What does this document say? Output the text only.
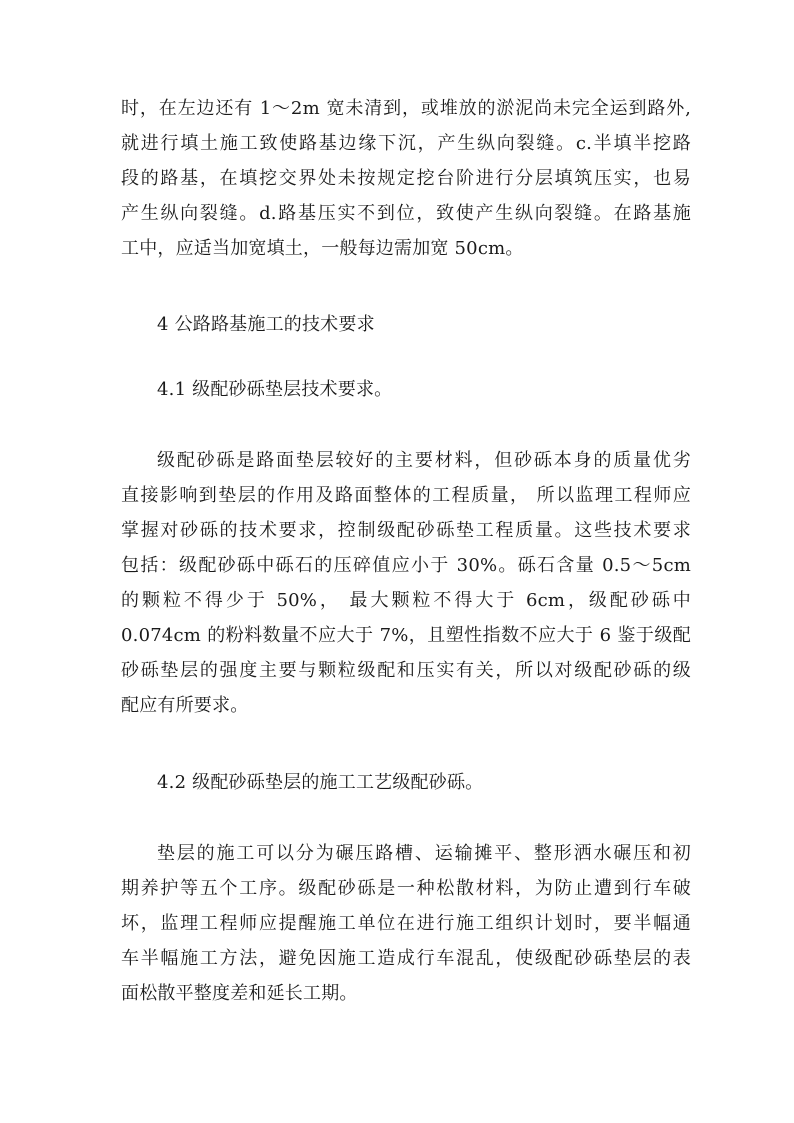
时，在左边还有 1～2m 宽未清到，或堆放的淤泥尚未完全运到路外,
就进行填土施工致使路基边缘下沉，产生纵向裂缝。c.半填半挖路
段的路基，在填挖交界处未按规定挖台阶进行分层填筑压实，也易
产生纵向裂缝。d.路基压实不到位，致使产生纵向裂缝。在路基施
工中，应适当加宽填土，一般每边需加宽 50cm。
4 公路路基施工的技术要求
4.1 级配砂砾垫层技术要求。
级配砂砾是路面垫层较好的主要材料，但砂砾本身的质量优劣
直接影响到垫层的作用及路面整体的工程质量， 所以监理工程师应
掌握对砂砾的技术要求，控制级配砂砾垫工程质量。这些技术要求
包括：级配砂砾中砾石的压碎值应小于 30%。砾石含量 0.5～5cm
的颗粒不得少于 50%， 最大颗粒不得大于 6cm，级配砂砾中
0.074cm 的粉料数量不应大于 7%，且塑性指数不应大于 6 鉴于级配
砂砾垫层的强度主要与颗粒级配和压实有关，所以对级配砂砾的级
配应有所要求。
4.2 级配砂砾垫层的施工工艺级配砂砾。
垫层的施工可以分为碾压路槽、运输摊平、整形洒水碾压和初
期养护等五个工序。级配砂砾是一种松散材料，为防止遭到行车破
坏，监理工程师应提醒施工单位在进行施工组织计划时，要半幅通
车半幅施工方法，避免因施工造成行车混乱，使级配砂砾垫层的表
面松散平整度差和延长工期。
